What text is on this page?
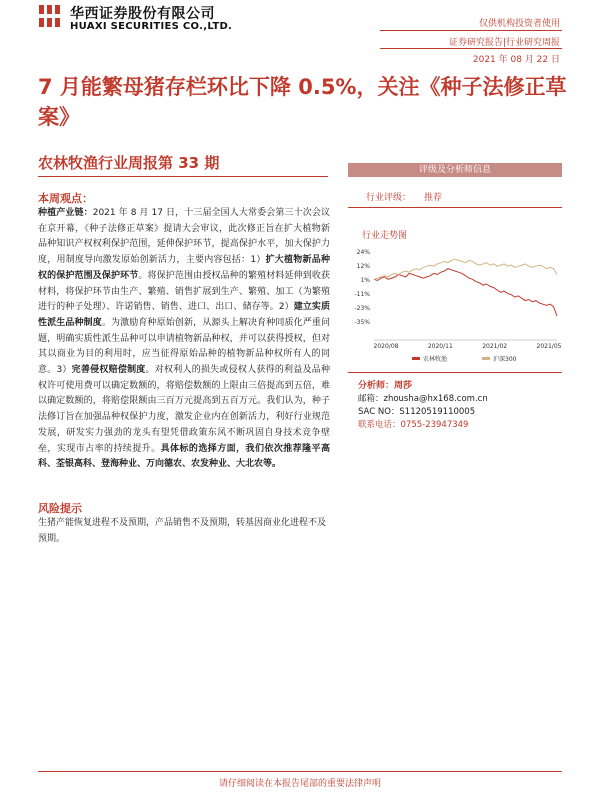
华西证券股份有限公司
HUAXI SECURITIES CO.,LTD.	仅供机构投资者使用
证券研究报告|行业研究周报
2021 年 08 月 22 日
7 月能繁母猪存栏环比下降 0.5%，关注《种子法修正草案》
农林牧渔行业周报第 33 期
本周观点：
种植产业链：2021 年 8 月 17 日，十三届全国人大常委会第三十次会议在京开幕，《种子法修正草案》提请大会审议，此次修正旨在扩大植物新品种知识产权权利保护范围，延伸保护环节，提高保护水平，加大保护力度，用制度导向激发原始创新活力，主要内容包括：1）扩大植物新品种权的保护范围及保护环节。将保护范围由授权品种的繁殖材料延伸到收获材料，将保护环节由生产、繁殖、销售扩展到生产、繁殖、加工（为繁殖进行的种子处理）、许诺销售、销售、进口、出口、储存等。2）建立实质性派生品种制度。为激励育种原始创新，从源头上解决育种同质化严重问题，明确实质性派生品种可以申请植物新品种权，并可以获得授权，但对其以商业为目的利用时，应当征得原始品种的植物新品种权所有人的同意。3）完善侵权赔偿制度。对权利人的损失或侵权人获得的利益及品种权许可使用费可以确定数额的，将赔偿数额的上限由三倍提高到五倍，难以确定数额的，将赔偿限额由三百万元提高到五百万元。我们认为，种子法修订旨在加强品种权保护力度，激发企业内在创新活力，利好行业规范发展，研发实力强劲的龙头有望凭借政策东风不断巩固自身技术竞争壁垒，实现市占率的持续提升。具体标的选择方面，我们依次推荐隆平高科、荃银高科、登海种业、万向德农、农发种业、大北农等。
风险提示
生猪产能恢复进程不及预期，产品销售不及预期，转基因商业化进程不及预期。
评级及分析师信息
行业评级： 推荐
行业走势图
24%
12%
1%
-11%
-23%
-35%
2020/08	2020/11	2021/02	2021/05
农林牧渔	沪深300
分析师：周莎
邮箱：zhousha@hx168.com.cn
SAC NO：S1120519110005
联系电话：0755-23947349
请仔细阅读在本报告尾部的重要法律声明
